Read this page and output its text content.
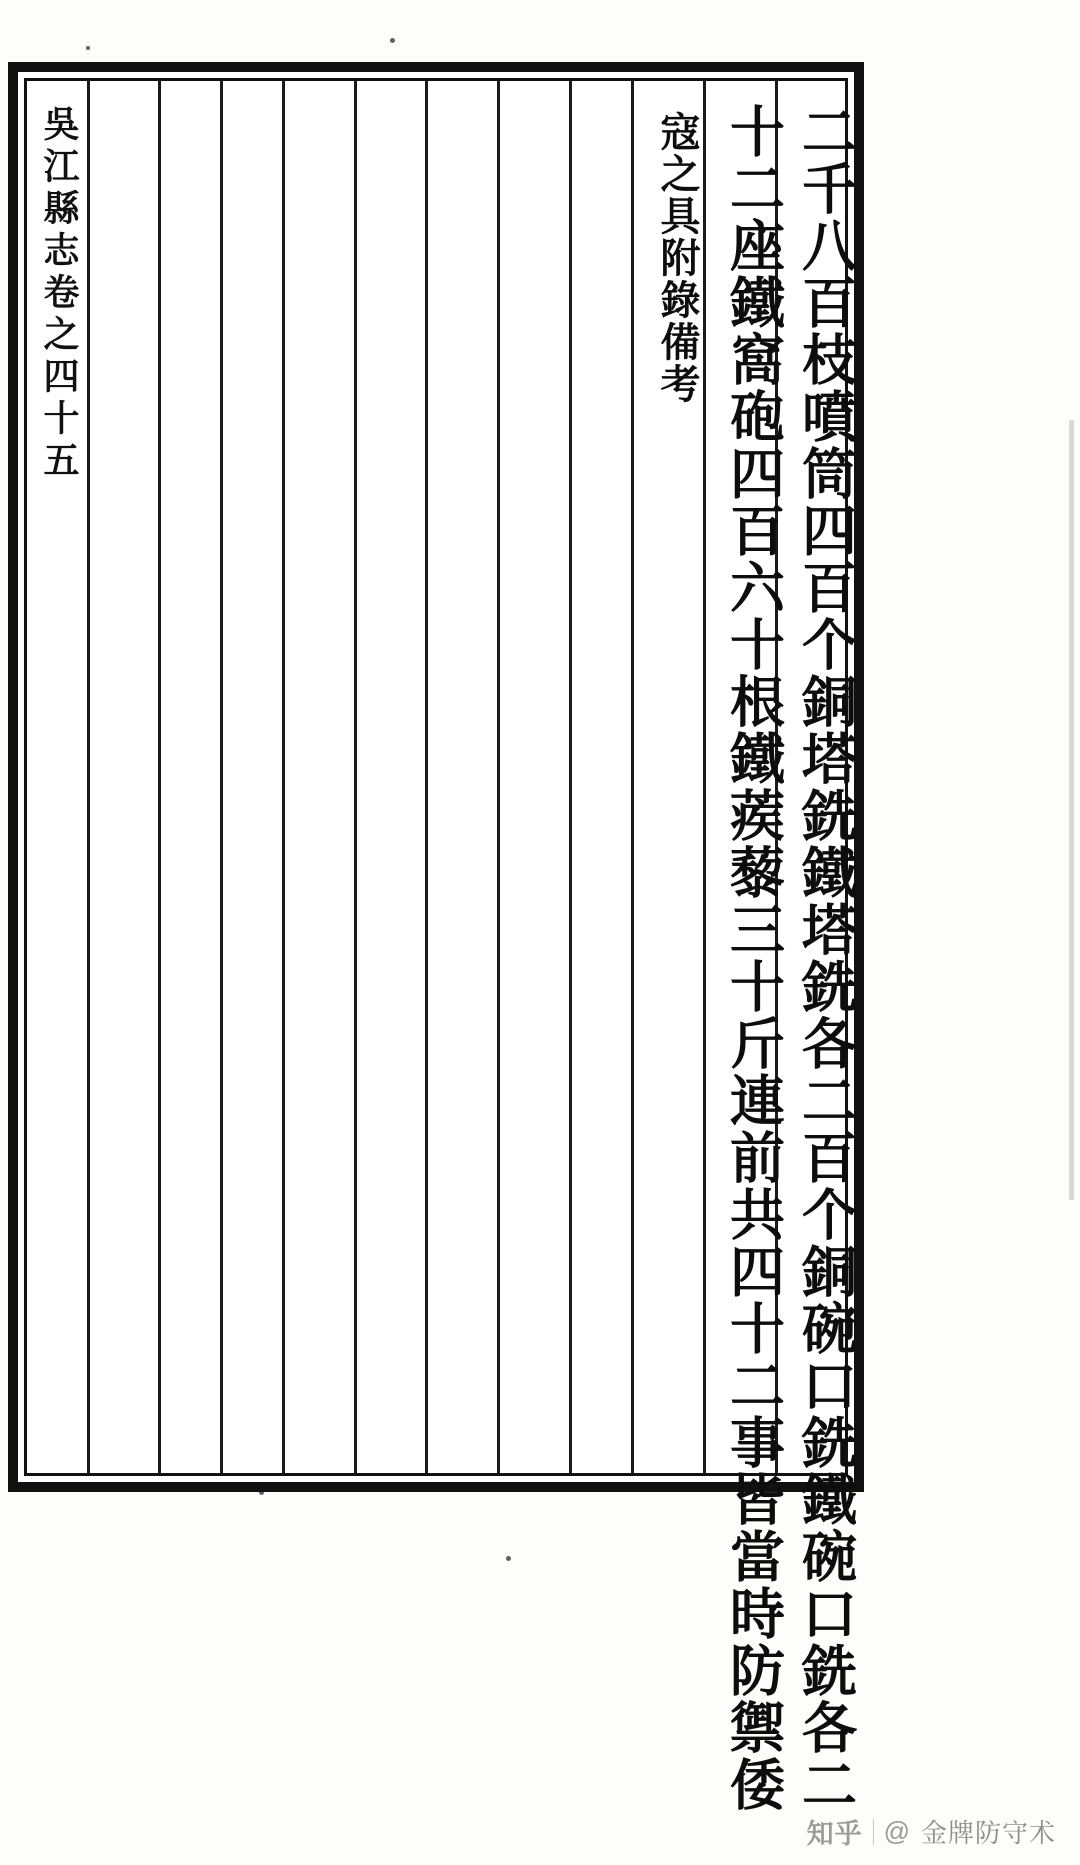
吳江縣志卷之四十五	二千八百枝噴筒四百个銅塔銑鐵塔銑各二百个銅碗口銑鐵碗口銑各二
十二座鐵窩砲四百六十根鐵蒺藜三十斤連前共四十二事皆當時防禦倭
寇之具附錄備考
知乎 @ 金牌防守术
